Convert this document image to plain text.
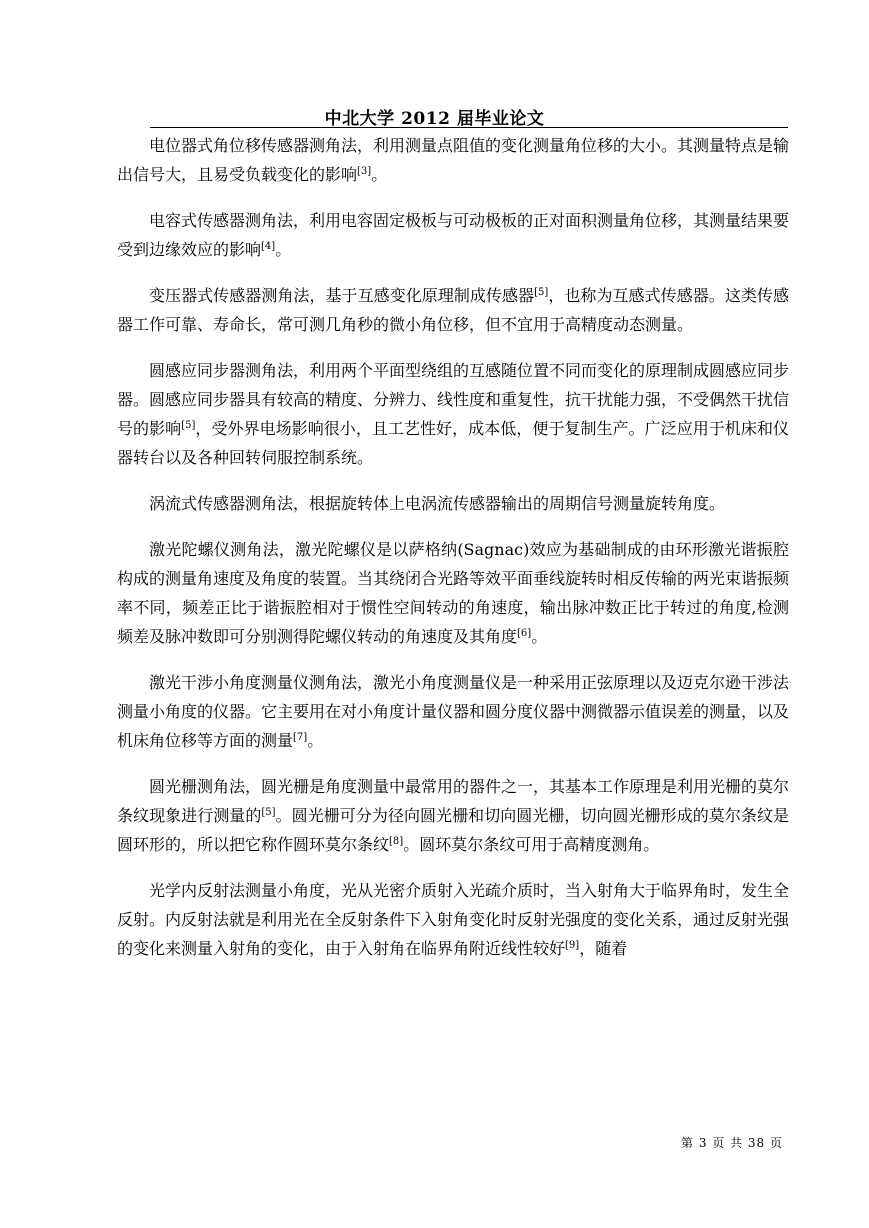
中北大学 2012 届毕业论文

电位器式角位移传感器测角法，利用测量点阻值的变化测量角位移的大小。其测量特点是输出信号大，且易受负载变化的影响[3]。

电容式传感器测角法，利用电容固定极板与可动极板的正对面积测量角位移，其测量结果要受到边缘效应的影响[4]。

变压器式传感器测角法，基于互感变化原理制成传感器[5]，也称为互感式传感器。这类传感器工作可靠、寿命长，常可测几角秒的微小角位移，但不宜用于高精度动态测量。

圆感应同步器测角法，利用两个平面型绕组的互感随位置不同而变化的原理制成圆感应同步器。圆感应同步器具有较高的精度、分辨力、线性度和重复性，抗干扰能力强，不受偶然干扰信号的影响[5]，受外界电场影响很小，且工艺性好，成本低，便于复制生产。广泛应用于机床和仪器转台以及各种回转伺服控制系统。

涡流式传感器测角法，根据旋转体上电涡流传感器输出的周期信号测量旋转角度。

激光陀螺仪测角法，激光陀螺仪是以萨格纳(Sagnac)效应为基础制成的由环形激光谐振腔构成的测量角速度及角度的装置。当其绕闭合光路等效平面垂线旋转时相反传输的两光束谐振频率不同，频差正比于谐振腔相对于惯性空间转动的角速度，输出脉冲数正比于转过的角度,检测频差及脉冲数即可分别测得陀螺仪转动的角速度及其角度[6]。

激光干涉小角度测量仪测角法，激光小角度测量仪是一种采用正弦原理以及迈克尔逊干涉法测量小角度的仪器。它主要用在对小角度计量仪器和圆分度仪器中测微器示值误差的测量，以及机床角位移等方面的测量[7]。

圆光栅测角法，圆光栅是角度测量中最常用的器件之一，其基本工作原理是利用光栅的莫尔条纹现象进行测量的[5]。圆光栅可分为径向圆光栅和切向圆光栅，切向圆光栅形成的莫尔条纹是圆环形的，所以把它称作圆环莫尔条纹[8]。圆环莫尔条纹可用于高精度测角。

光学内反射法测量小角度，光从光密介质射入光疏介质时，当入射角大于临界角时，发生全反射。内反射法就是利用光在全反射条件下入射角变化时反射光强度的变化关系，通过反射光强的变化来测量入射角的变化，由于入射角在临界角附近线性较好[9]，随着

第 3 页 共 38 页
